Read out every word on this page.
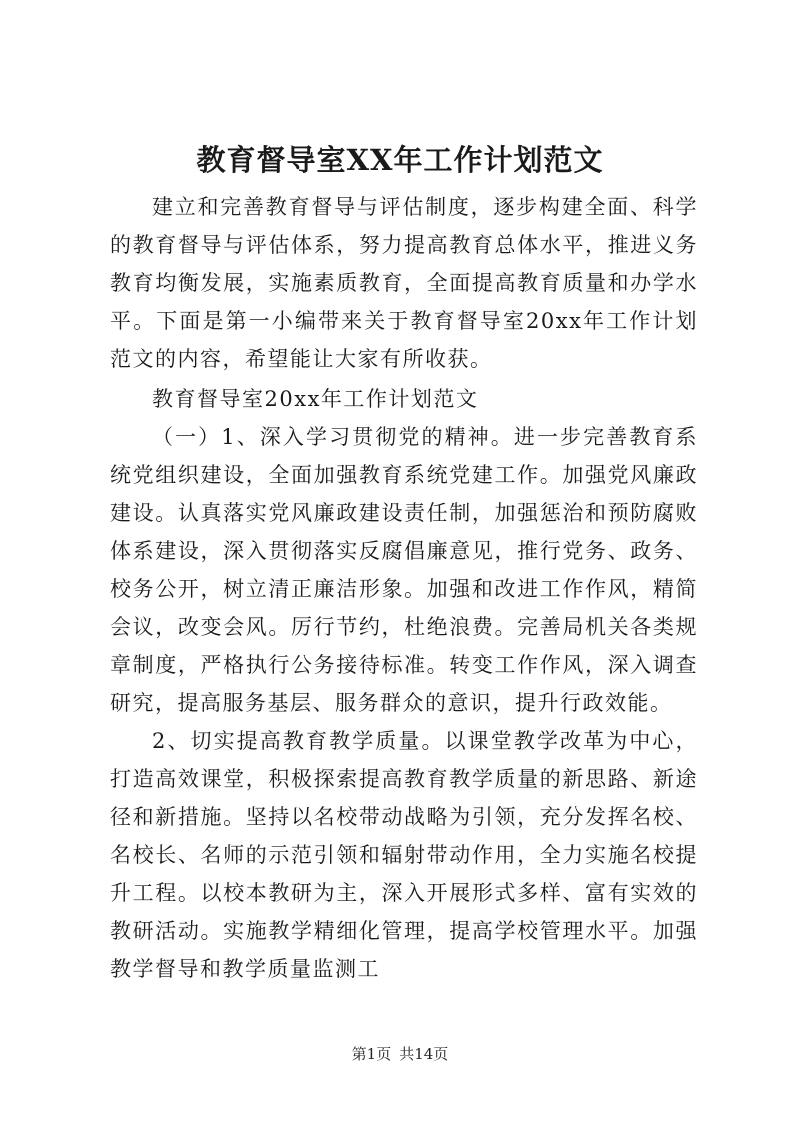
教育督导室XX年工作计划范文

建立和完善教育督导与评估制度，逐步构建全面、科学的教育督导与评估体系，努力提高教育总体水平，推进义务教育均衡发展，实施素质教育，全面提高教育质量和办学水平。下面是第一小编带来关于教育督导室20xx年工作计划范文的内容，希望能让大家有所收获。

教育督导室20xx年工作计划范文

（一）1、深入学习贯彻党的精神。进一步完善教育系统党组织建设，全面加强教育系统党建工作。加强党风廉政建设。认真落实党风廉政建设责任制，加强惩治和预防腐败体系建设，深入贯彻落实反腐倡廉意见，推行党务、政务、校务公开，树立清正廉洁形象。加强和改进工作作风，精简会议，改变会风。厉行节约，杜绝浪费。完善局机关各类规章制度，严格执行公务接待标准。转变工作作风，深入调查研究，提高服务基层、服务群众的意识，提升行政效能。

2、切实提高教育教学质量。以课堂教学改革为中心，打造高效课堂，积极探索提高教育教学质量的新思路、新途径和新措施。坚持以名校带动战略为引领，充分发挥名校、名校长、名师的示范引领和辐射带动作用，全力实施名校提升工程。以校本教研为主，深入开展形式多样、富有实效的教研活动。实施教学精细化管理，提高学校管理水平。加强教学督导和教学质量监测工

第1页 共14页
